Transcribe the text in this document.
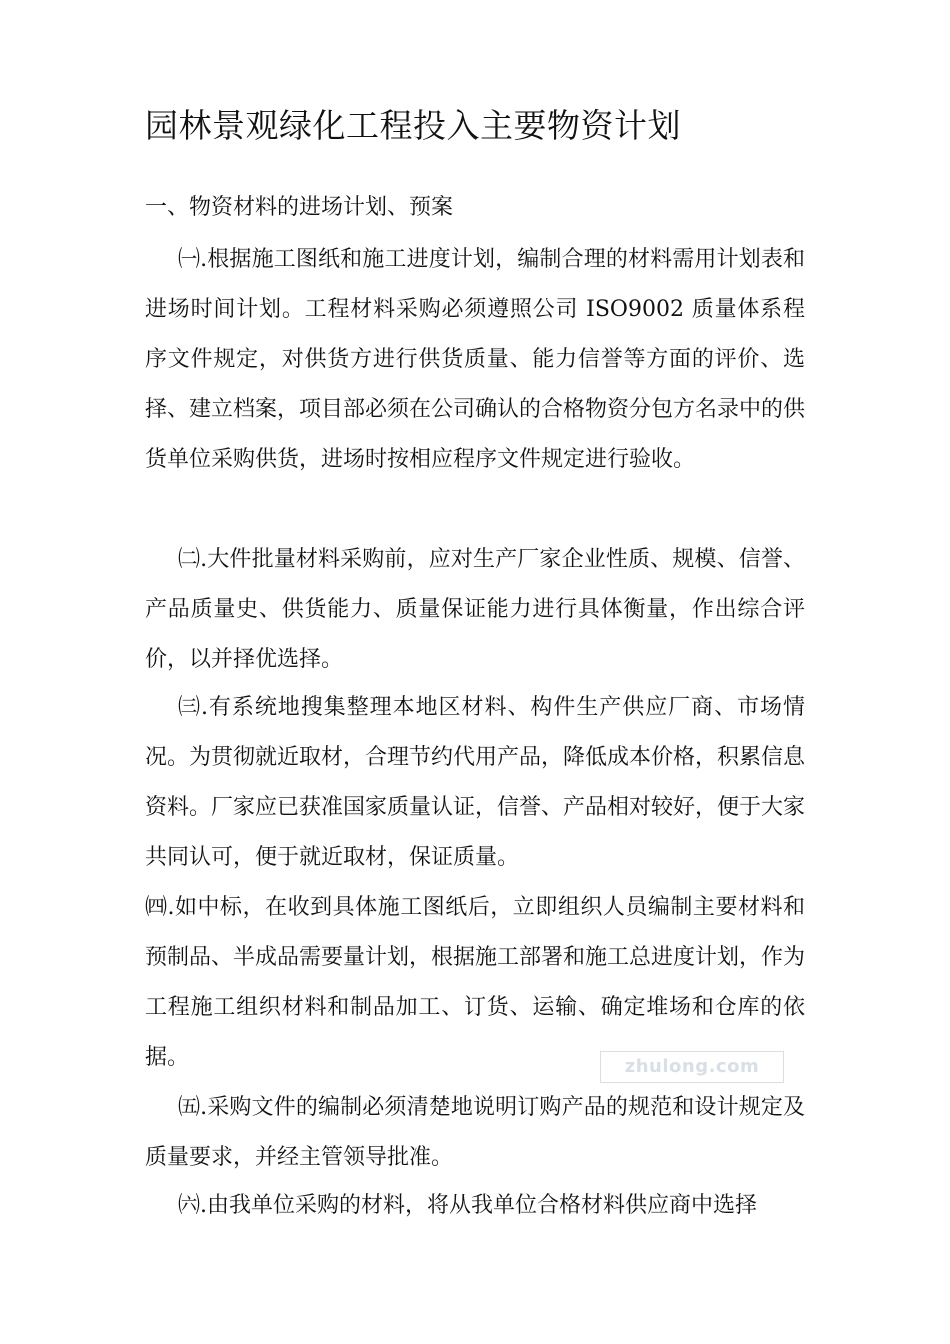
园林景观绿化工程投入主要物资计划
一、物资材料的进场计划、预案

㈠.根据施工图纸和施工进度计划，编制合理的材料需用计划表和进场时间计划。工程材料采购必须遵照公司 ISO9002 质量体系程序文件规定，对供货方进行供货质量、能力信誉等方面的评价、选择、建立档案，项目部必须在公司确认的合格物资分包方名录中的供货单位采购供货，进场时按相应程序文件规定进行验收。

㈡.大件批量材料采购前，应对生产厂家企业性质、规模、信誉、产品质量史、供货能力、质量保证能力进行具体衡量，作出综合评价，以并择优选择。

㈢.有系统地搜集整理本地区材料、构件生产供应厂商、市场情况。为贯彻就近取材，合理节约代用产品，降低成本价格，积累信息资料。厂家应已获准国家质量认证，信誉、产品相对较好，便于大家共同认可，便于就近取材，保证质量。

㈣.如中标，在收到具体施工图纸后，立即组织人员编制主要材料和预制品、半成品需要量计划，根据施工部署和施工总进度计划，作为工程施工组织材料和制品加工、订货、运输、确定堆场和仓库的依据。

㈤.采购文件的编制必须清楚地说明订购产品的规范和设计规定及质量要求，并经主管领导批准。

㈥.由我单位采购的材料，将从我单位合格材料供应商中选择

zhulong.com
